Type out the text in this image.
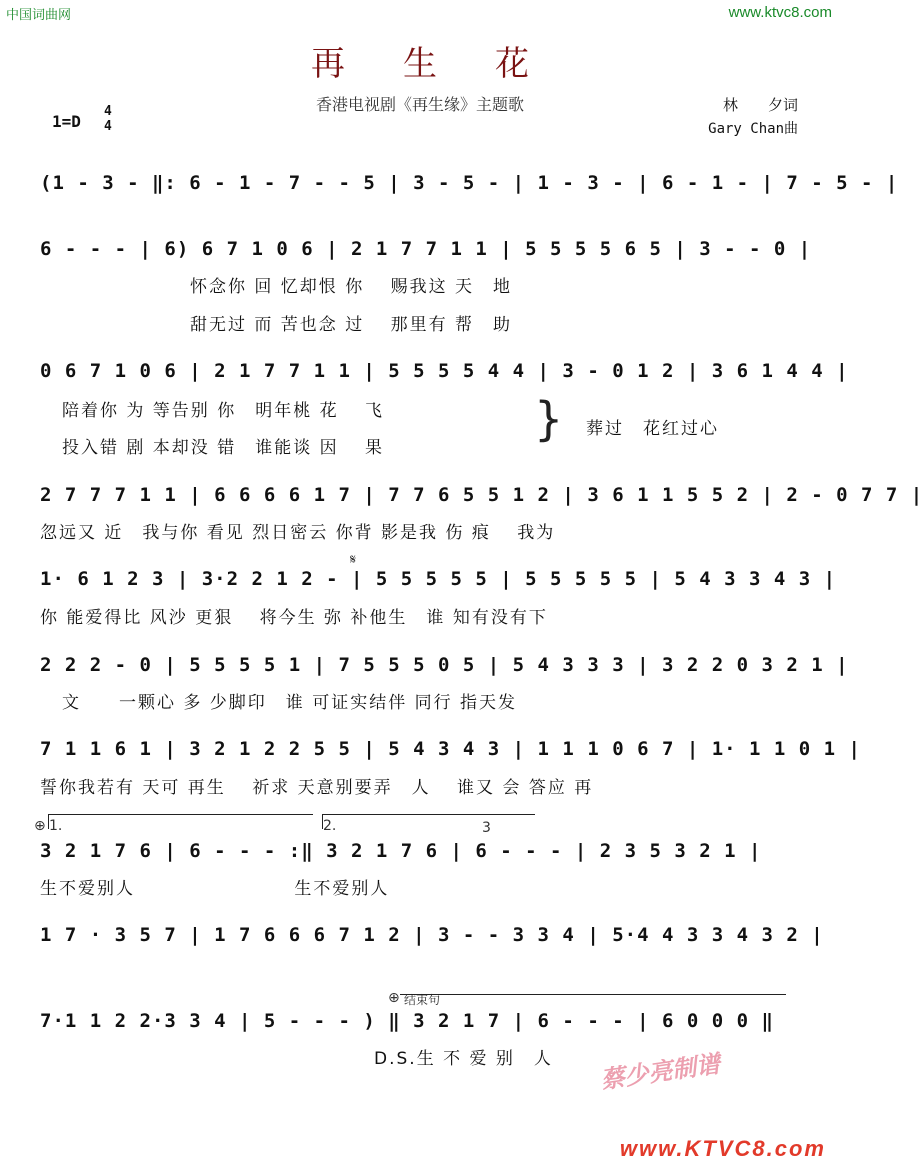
中国词曲网	www.ktvc8.com
再生花
香港电视剧《再生缘》主题歌
1=D
4
4
林　　夕词
Gary Chan曲
(1 - 3 - ‖: 6 - 1 - 7 - - 5 | 3 - 5 - | 1 - 3 - | 6 - 1 - | 7 - 5 - |
6 - - - | 6) 6 7 1 0 6 | 2 1 7 7 1 1 | 5 5 5 5 6 5 | 3 - - 0 |
怀念你 回 忆却恨 你　 赐我这 天　地
甜无过 而 苦也念 过　 那里有 帮　助
0 6 7 1 0 6 | 2 1 7 7 1 1 | 5 5 5 5 4 4 | 3 - 0 1 2 | 3 6 1 4 4 |
陪着你 为 等告别 你　明年桃 花　 飞
投入错 剧 本却没 错　谁能谈 因　 果
} 葬过　花红过心
2 7 7 7 1 1 | 6 6 6 6 1 7 | 7 7 6 5 5 1 2 | 3 6 1 1 5 5 2 | 2 - 0 7 7 |
忽远又 近　我与你 看见 烈日密云 你背 影是我 伤 痕　 我为
𝄋
1· 6 1 2 3 | 3·2 2 1 2 - | 5 5 5 5 5 | 5 5 5 5 5 | 5 4 3 3 4 3 |
你 能爱得比 风沙 更狠　 将今生 弥 补他生　谁 知有没有下
2 2 2 - 0 | 5 5 5 5 1 | 7 5 5 5 0 5 | 5 4 3 3 3 | 3 2 2 0 3 2 1 |
文　　一颗心 多 少脚印　谁 可证实结伴 同行 指天发
7 1 1 6 1 | 3 2 1 2 2 5 5 | 5 4 3 4 3 | 1 1 1 0 6 7 | 1· 1 1 0 1 |
誓你我若有 天可 再生　 祈求 天意别要弄　人　 谁又 会 答应 再
⊕ 1.	2.	3
3 2 1 7 6 | 6 - - - :‖ 3 2 1 7 6 | 6 - - - | 2 3 5 3 2 1 |
生不爱别人　　　　　　　　 生不爱别人
1 7 · 3 5 7 | 1 7 6 6 6 7 1 2 | 3 - - 3 3 4 | 5·4 4 3 3 4 3 2 |
⊕ 结束句
7·1 1 2 2·3 3 4 | 5 - - - ) ‖ 3 2 1 7 | 6 - - - | 6 0 0 0 ‖
D.S.生 不 爱 别　人	蔡少亮制谱
www.KTVC8.com
